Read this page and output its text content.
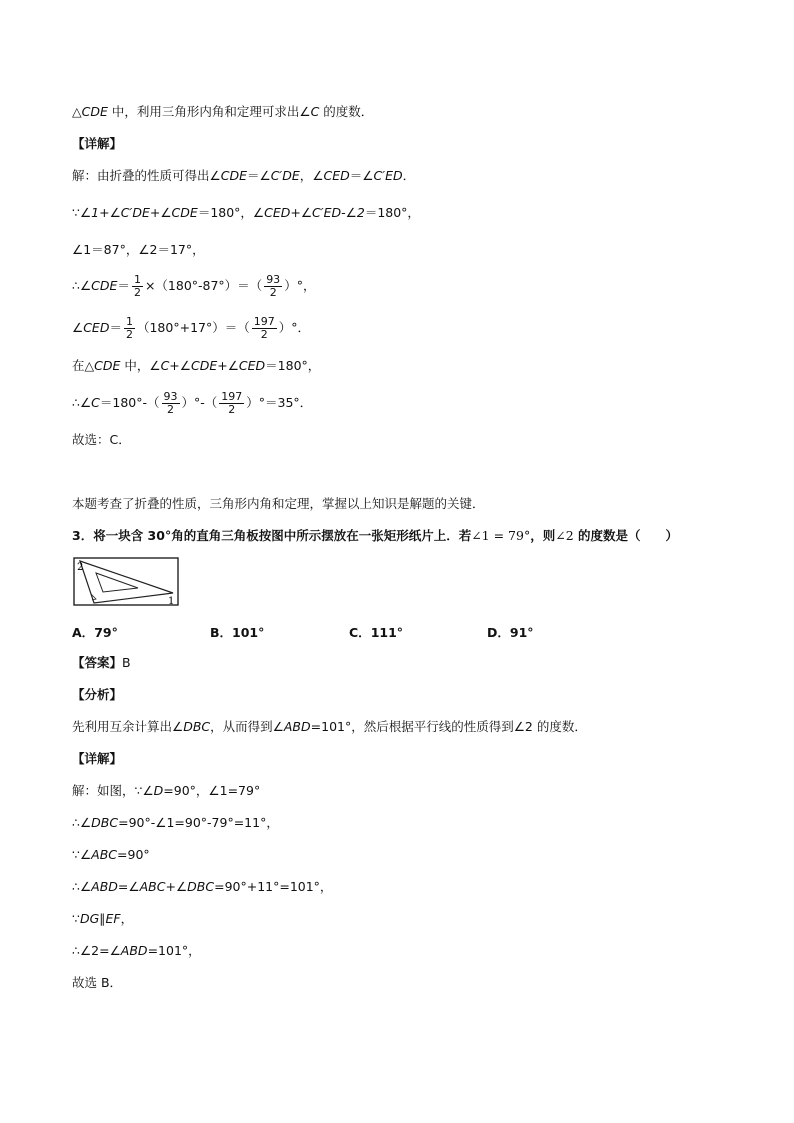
△CDE 中，利用三角形内角和定理可求出∠C 的度数．
【详解】
解：由折叠的性质可得出∠CDE＝∠C′DE，∠CED＝∠C′ED．
∵∠1+∠C′DE+∠CDE＝180°，∠CED+∠C′ED-∠2＝180°，
∠1＝87°，∠2＝17°，
∴∠CDE＝ $\frac{1}{2} \times(180^\circ-87^\circ)=( \frac{93}{2}$ ）°，
∠CED＝ $\frac{1}{2} (180^\circ+17^\circ)=( \frac{197}{2}$ ）°．
在△CDE 中，∠C+∠CDE+∠CED＝180°，
∴∠C＝180°-（ $\frac{93}{2}$ ）°-（ $\frac{197}{2} )^\circ=35^\circ$．
故选：C．
本题考查了折叠的性质，三角形内角和定理，掌握以上知识是解题的关键．
3．将一块含 30°角的直角三角板按图中所示摆放在一张矩形纸片上．若∠1 = 79°，则∠2 的度数是（　　）
2
1
A．79°	B．101°	C．111°	D．91°
【答案】B
【分析】
先利用互余计算出∠DBC，从而得到∠ABD=101°，然后根据平行线的性质得到∠2 的度数．
【详解】
解：如图，∵∠D=90°，∠1=79°
∴∠DBC=90°-∠1=90°-79°=11°，
∵∠ABC=90°
∴∠ABD=∠ABC+∠DBC=90°+11°=101°，
∵DG∥EF，
∴∠2=∠ABD=101°，
故选 B．
